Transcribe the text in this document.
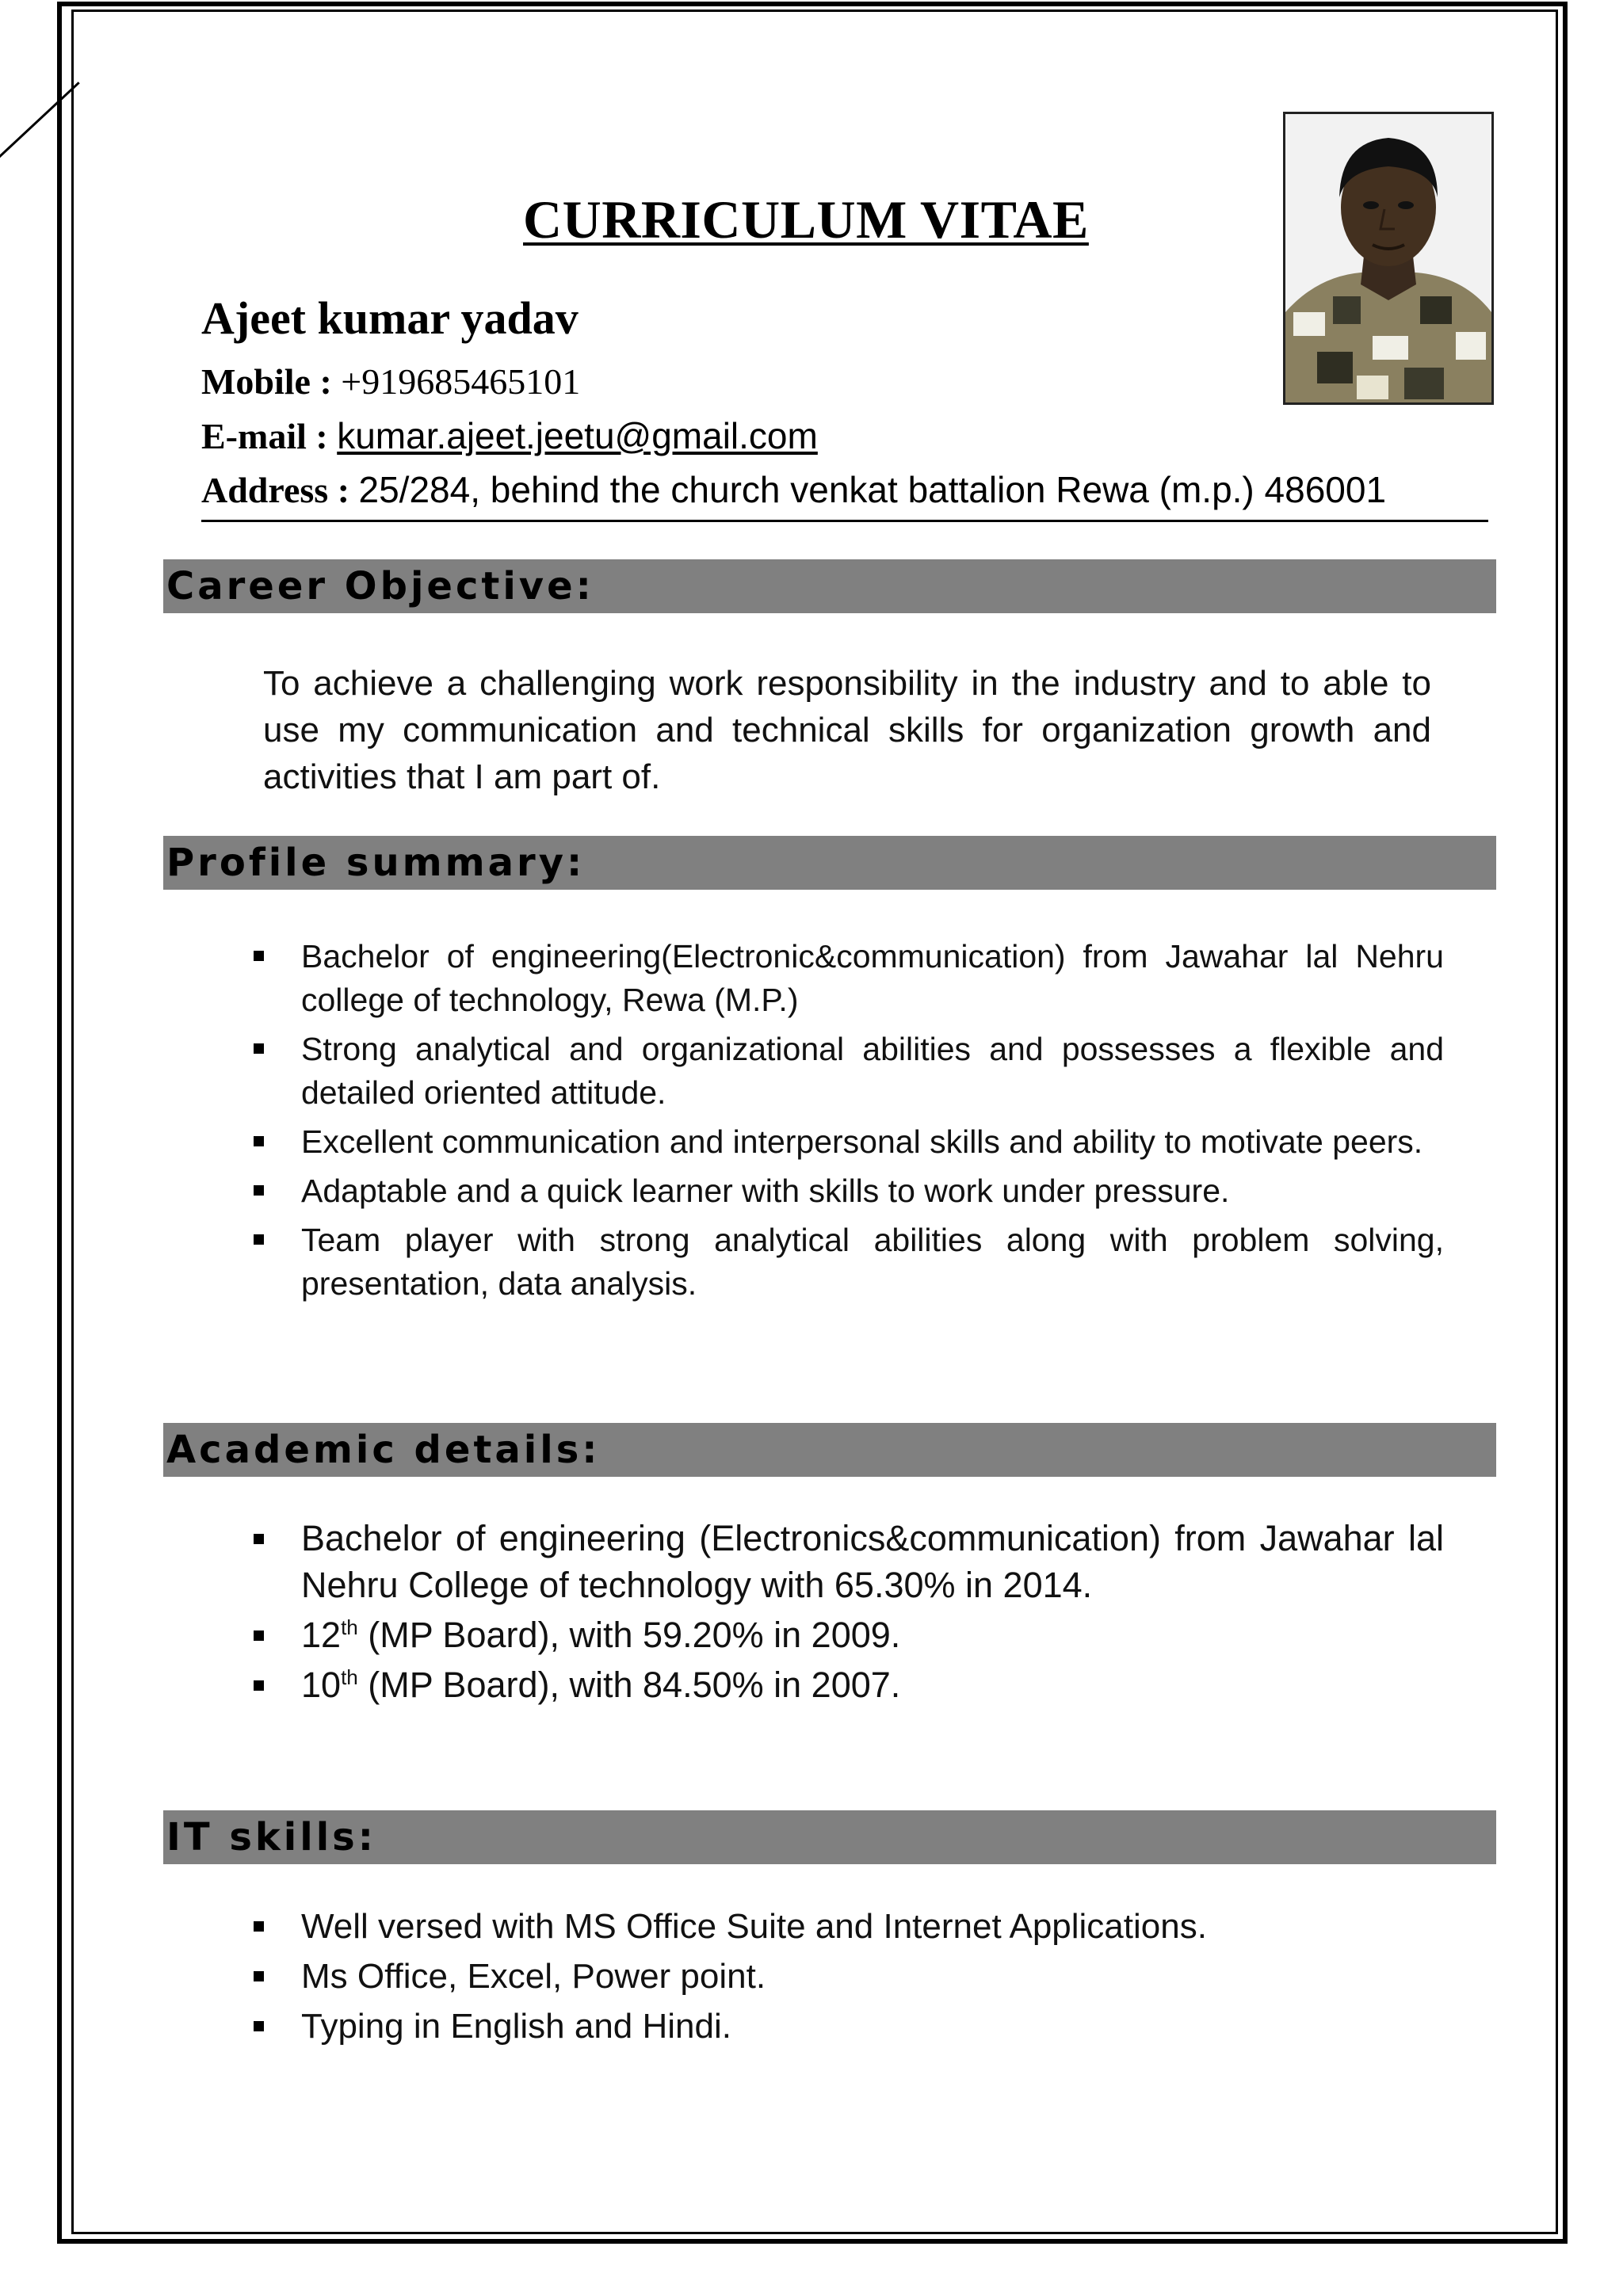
CURRICULUM VITAE
Ajeet kumar yadav
Mobile : +919685465101
E-mail : kumar.ajeet.jeetu@gmail.com
Address : 25/284, behind the church venkat battalion Rewa (m.p.) 486001
Career Objective:
To achieve a challenging work responsibility in the industry and to able to use my communication and technical skills for organization growth and activities that I am part of.
Profile summary:
Bachelor of engineering(Electronic&communication) from Jawahar lal Nehru college of technology, Rewa (M.P.)
Strong analytical and organizational abilities and possesses a flexible and detailed oriented attitude.
Excellent communication and interpersonal skills and ability to motivate peers.
Adaptable and a quick learner with skills to work under pressure.
Team player with strong analytical abilities along with problem solving, presentation, data analysis.
Academic details:
Bachelor of engineering (Electronics&communication) from Jawahar lal Nehru College of technology with 65.30% in 2014.
12th (MP Board), with 59.20% in 2009.
10th (MP Board), with 84.50% in 2007.
IT skills:
Well versed with MS Office Suite and Internet Applications.
Ms Office, Excel, Power point.
Typing in English and Hindi.
